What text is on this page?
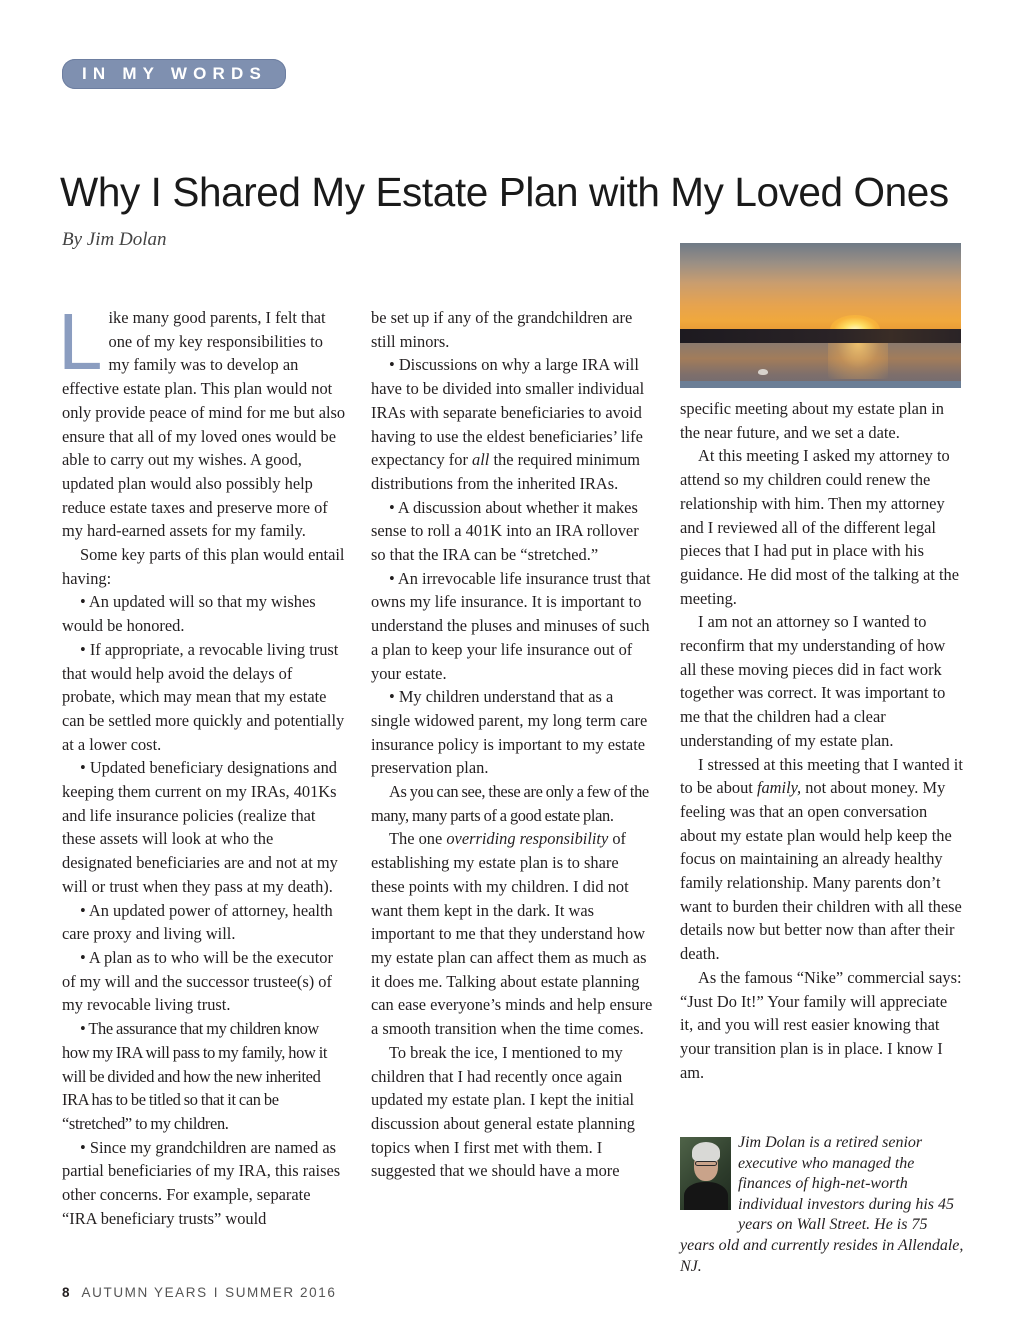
IN MY WORDS
Why I Shared My Estate Plan with My Loved Ones
By Jim Dolan

Like many good parents, I felt that one of my key responsibilities to my family was to develop an effective estate plan. This plan would not only provide peace of mind for me but also ensure that all of my loved ones would be able to carry out my wishes. A good, updated plan would also possibly help reduce estate taxes and preserve more of my hard-earned assets for my family.

Some key parts of this plan would entail having:

• An updated will so that my wishes would be honored.

• If appropriate, a revocable living trust that would help avoid the delays of probate, which may mean that my estate can be settled more quickly and potentially at a lower cost.

• Updated beneficiary designations and keeping them current on my IRAs, 401Ks and life insurance policies (realize that these assets will look at who the designated beneficiaries are and not at my will or trust when they pass at my death).

• An updated power of attorney, health care proxy and living will.

• A plan as to who will be the executor of my will and the successor trustee(s) of my revocable living trust.

• The assurance that my children know how my IRA will pass to my family, how it will be divided and how the new inherited IRA has to be titled so that it can be “stretched” to my children.

• Since my grandchildren are named as partial beneficiaries of my IRA, this raises other concerns. For example, separate “IRA beneficiary trusts” would

be set up if any of the grandchildren are still minors.

• Discussions on why a large IRA will have to be divided into smaller individual IRAs with separate beneficiaries to avoid having to use the eldest beneficiaries’ life expectancy for all the required minimum distributions from the inherited IRAs.

• A discussion about whether it makes sense to roll a 401K into an IRA rollover so that the IRA can be “stretched.”

• An irrevocable life insurance trust that owns my life insurance. It is important to understand the pluses and minuses of such a plan to keep your life insurance out of your estate.

• My children understand that as a single widowed parent, my long term care insurance policy is important to my estate preservation plan.

As you can see, these are only a few of the many, many parts of a good estate plan.

The one overriding responsibility of establishing my estate plan is to share these points with my children. I did not want them kept in the dark. It was important to me that they understand how my estate plan can affect them as much as it does me. Talking about estate planning can ease everyone’s minds and help ensure a smooth transition when the time comes.

To break the ice, I mentioned to my children that I had recently once again updated my estate plan. I kept the initial discussion about general estate planning topics when I first met with them. I suggested that we should have a more

specific meeting about my estate plan in the near future, and we set a date.

At this meeting I asked my attorney to attend so my children could renew the relationship with him. Then my attorney and I reviewed all of the different legal pieces that I had put in place with his guidance. He did most of the talking at the meeting.

I am not an attorney so I wanted to reconfirm that my understanding of how all these moving pieces did in fact work together was correct. It was important to me that the children had a clear understanding of my estate plan.

I stressed at this meeting that I wanted it to be about family, not about money. My feeling was that an open conversation about my estate plan would help keep the focus on maintaining an already healthy family relationship. Many parents don’t want to burden their children with all these details now but better now than after their death.

As the famous “Nike” commercial says: “Just Do It!” Your family will appreciate it, and you will rest easier knowing that your transition plan is in place. I know I am.

Jim Dolan is a retired senior executive who managed the finances of high-net-worth individual investors during his 45 years on Wall Street. He is 75 years old and currently resides in Allendale, NJ.
8 AUTUMN YEARS I SUMMER 2016
